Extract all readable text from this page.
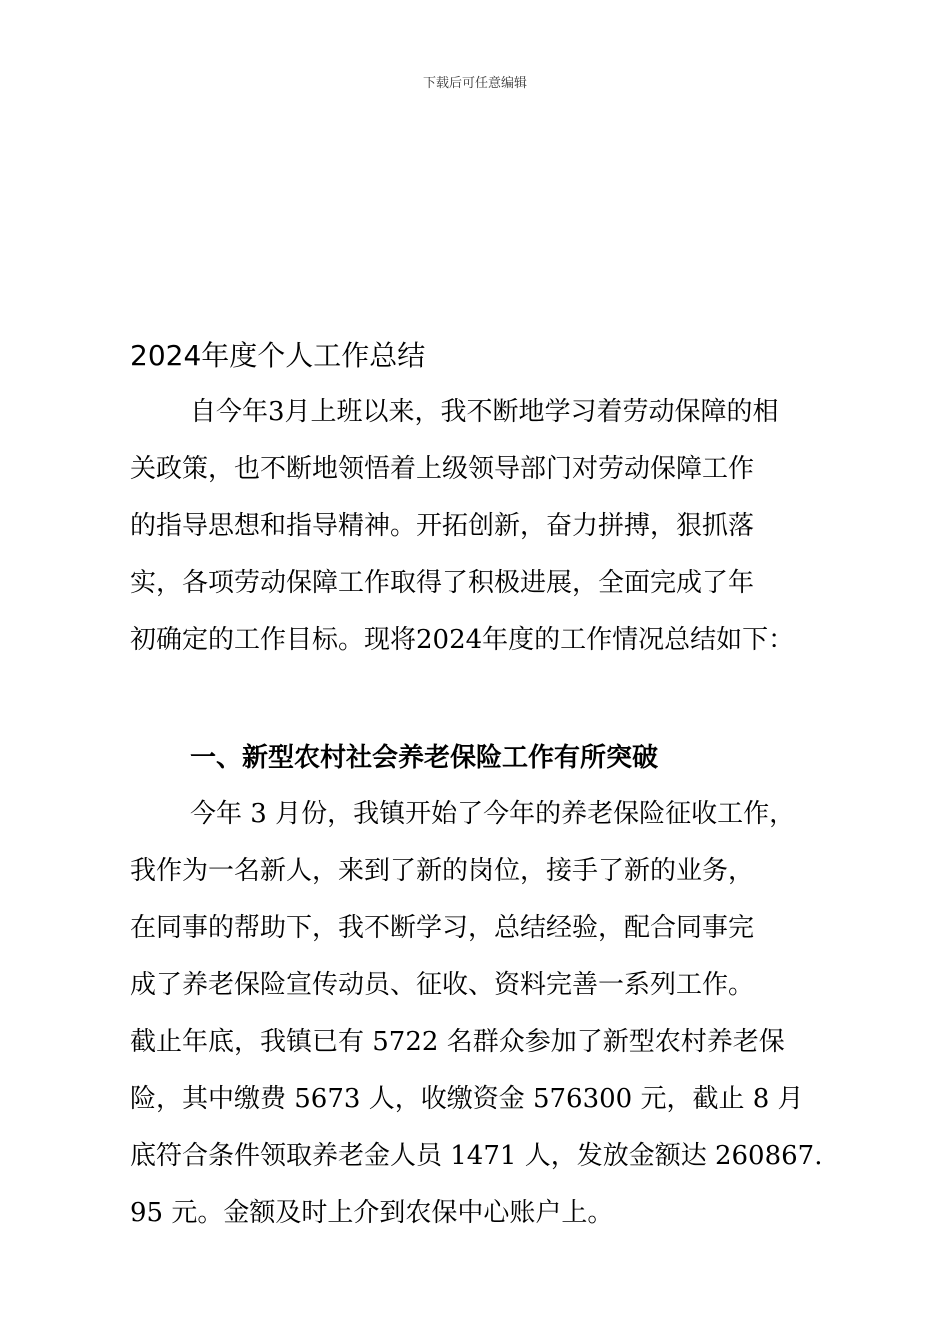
下载后可任意编辑
2024年度个人工作总结
自今年3月上班以来，我不断地学习着劳动保障的相
关政策，也不断地领悟着上级领导部门对劳动保障工作
的指导思想和指导精神。开拓创新，奋力拼搏，狠抓落
实，各项劳动保障工作取得了积极进展，全面完成了年
初确定的工作目标。现将2024年度的工作情况总结如下：
一、新型农村社会养老保险工作有所突破
今年 3 月份，我镇开始了今年的养老保险征收工作，
我作为一名新人，来到了新的岗位，接手了新的业务，
在同事的帮助下，我不断学习，总结经验，配合同事完
成了养老保险宣传动员、征收、资料完善一系列工作。
截止年底，我镇已有 5722 名群众参加了新型农村养老保
险，其中缴费 5673 人，收缴资金 576300 元，截止 8 月
底符合条件领取养老金人员 1471 人，发放金额达 260867.
95 元。金额及时上介到农保中心账户上。
